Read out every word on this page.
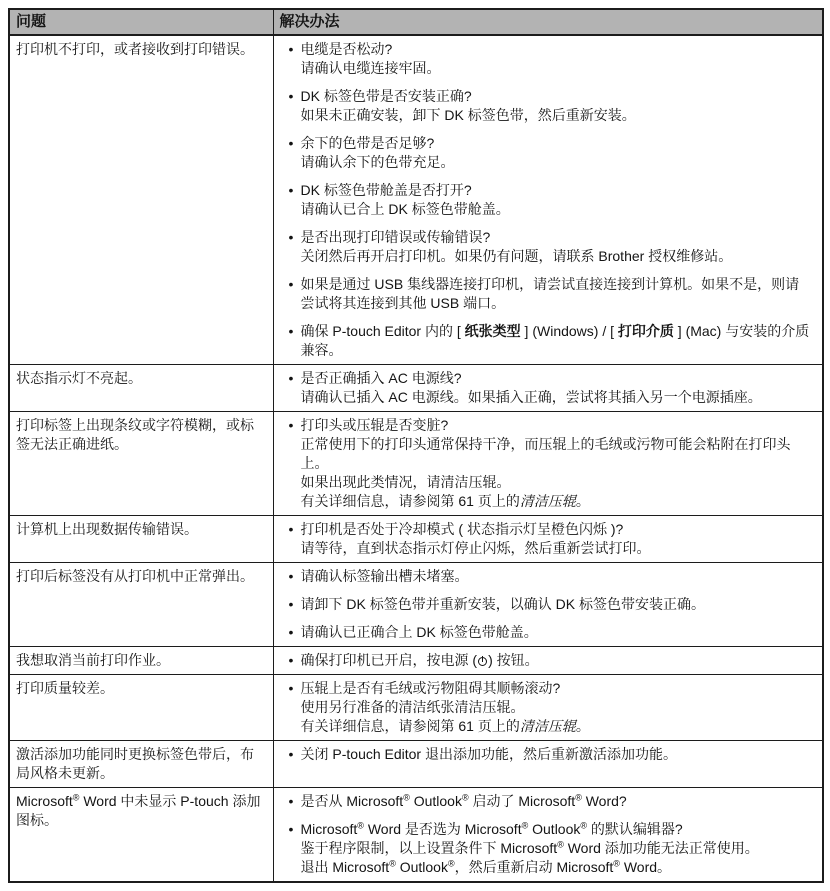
问题	解决办法
打印机不打印，或者接收到打印错误。	
•电缆是否松动?
请确认电缆连接牢固。
• DK 标签色带是否安装正确?
如果未正确安装，卸下 DK 标签色带，然后重新安装。
• 余下的色带是否足够?
请确认余下的色带充足。
• DK 标签色带舱盖是否打开?
请确认已合上 DK 标签色带舱盖。
• 是否出现打印错误或传输错误?
关闭然后再开启打印机。如果仍有问题，请联系 Brother 授权维修站。
• 如果是通过 USB 集线器连接打印机，请尝试直接连接到计算机。如果不是，则请尝试将其连接到其他 USB 端口。
• 确保 P-touch Editor 内的 [ 纸张类型 ] (Windows) / [ 打印介质 ] (Mac) 与安装的介质兼容。

状态指示灯不亮起。	
•是否正确插入 AC 电源线?
请确认已插入 AC 电源线。如果插入正确，尝试将其插入另一个电源插座。

打印标签上出现条纹或字符模糊，或标签无法正确进纸。	
• 打印头或压辊是否变脏?
正常使用下的打印头通常保持干净，而压辊上的毛绒或污物可能会粘附在打印头上。
如果出现此类情况，请清洁压辊。
有关详细信息，请参阅第 61 页上的清洁压辊。

计算机上出现数据传输错误。	
•打印机是否处于冷却模式 ( 状态指示灯呈橙色闪烁 )?
请等待，直到状态指示灯停止闪烁，然后重新尝试打印。

打印后标签没有从打印机中正常弹出。	
•请确认标签输出槽未堵塞。
• 请卸下 DK 标签色带并重新安装，以确认 DK 标签色带安装正确。
• 请确认已正确合上 DK 标签色带舱盖。

我想取消当前打印作业。	
•确保打印机已开启，按电源 ( ) 按钮。

打印质量较差。	
•压辊上是否有毛绒或污物阻碍其顺畅滚动?
使用另行准备的清洁纸张清洁压辊。
有关详细信息，请参阅第 61 页上的清洁压辊。

激活添加功能同时更换标签色带后，布局风格未更新。	
• 关闭 P-touch Editor 退出添加功能，然后重新激活添加功能。

Microsoft® Word 中未显示 P-touch 添加图标。	
• 是否从 Microsoft® Outlook® 启动了 Microsoft® Word?
• Microsoft® Word 是否选为 Microsoft® Outlook® 的默认编辑器?
鉴于程序限制，以上设置条件下 Microsoft® Word 添加功能无法正常使用。
退出 Microsoft® Outlook®，然后重新启动 Microsoft® Word。
